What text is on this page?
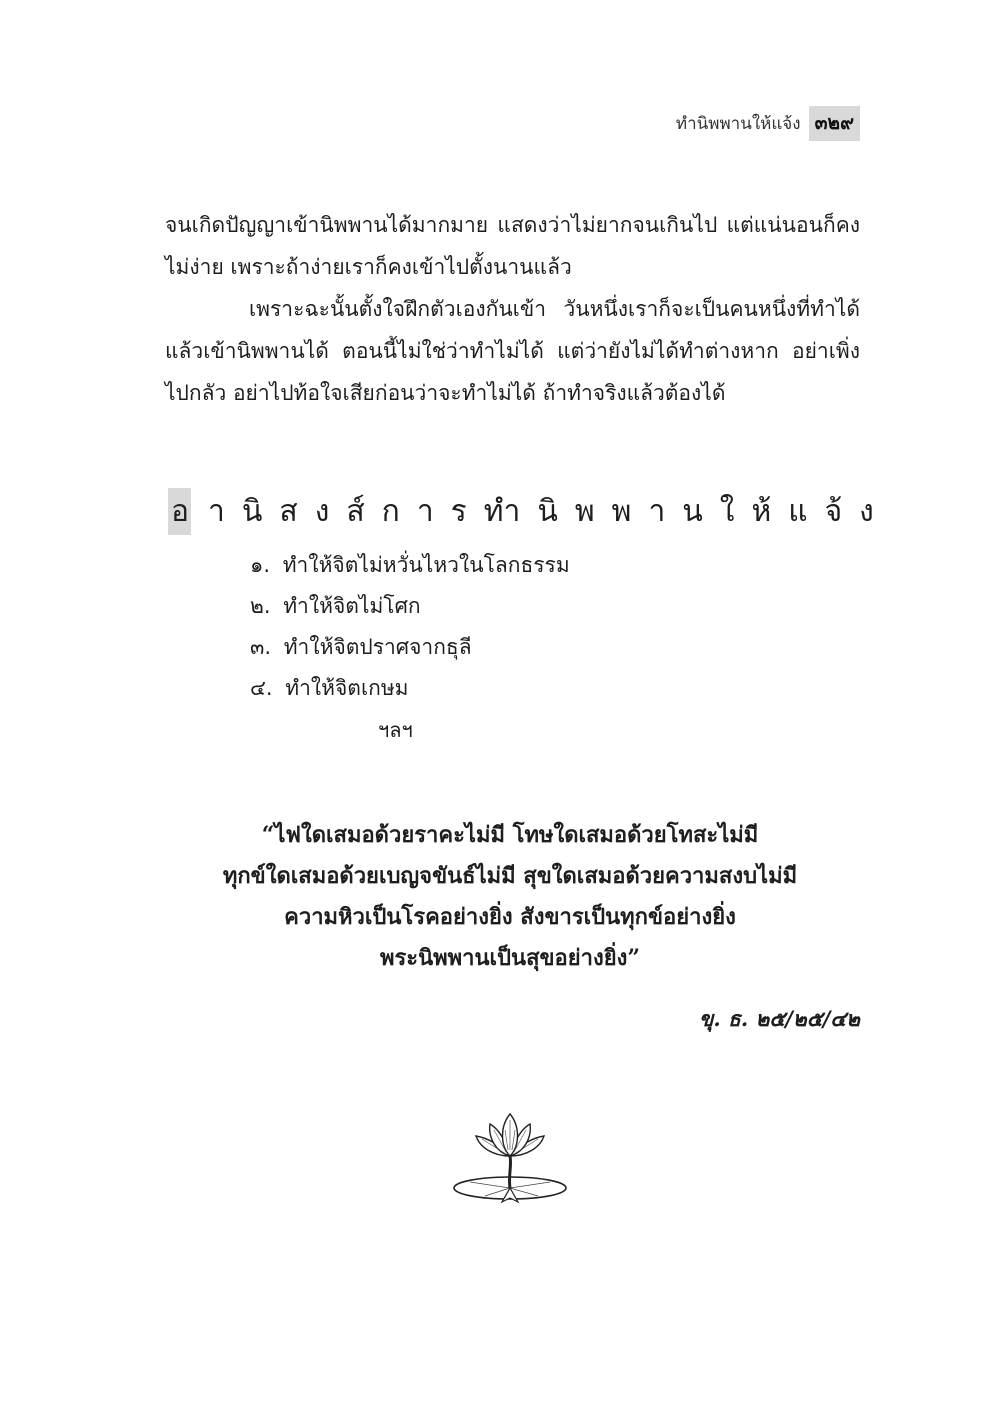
ทำนิพพานให้แจ้ง ๓๒๙

จนเกิดปัญญาเข้านิพพานได้มากมาย แสดงว่าไม่ยากจนเกินไป แต่แน่นอนก็คงไม่ง่าย เพราะถ้าง่ายเราก็คงเข้าไปตั้งนานแล้ว

เพราะฉะนั้นตั้งใจฝึกตัวเองกันเข้า วันหนึ่งเราก็จะเป็นคนหนึ่งที่ทำได้แล้วเข้านิพพานได้ ตอนนี้ไม่ใช่ว่าทำไม่ได้ แต่ว่ายังไม่ได้ทำต่างหาก อย่าเพิ่งไปกลัว อย่าไปท้อใจเสียก่อนว่าจะทำไม่ได้ ถ้าทำจริงแล้วต้องได้

อ านิสงส์การทำนิพพานให้แจ้ง
๑. ทำให้จิตไม่หวั่นไหวในโลกธรรม
๒. ทำให้จิตไม่โศก
๓. ทำให้จิตปราศจากธุลี
๔. ทำให้จิตเกษม
ฯลฯ
“ไฟใดเสมอด้วยราคะไม่มี โทษใดเสมอด้วยโทสะไม่มี
ทุกข์ใดเสมอด้วยเบญจขันธ์ไม่มี สุขใดเสมอด้วยความสงบไม่มี
ความหิวเป็นโรคอย่างยิ่ง สังขารเป็นทุกข์อย่างยิ่ง
พระนิพพานเป็นสุขอย่างยิ่ง”
ขุ. ธ. ๒๕/๒๕/๔๒
